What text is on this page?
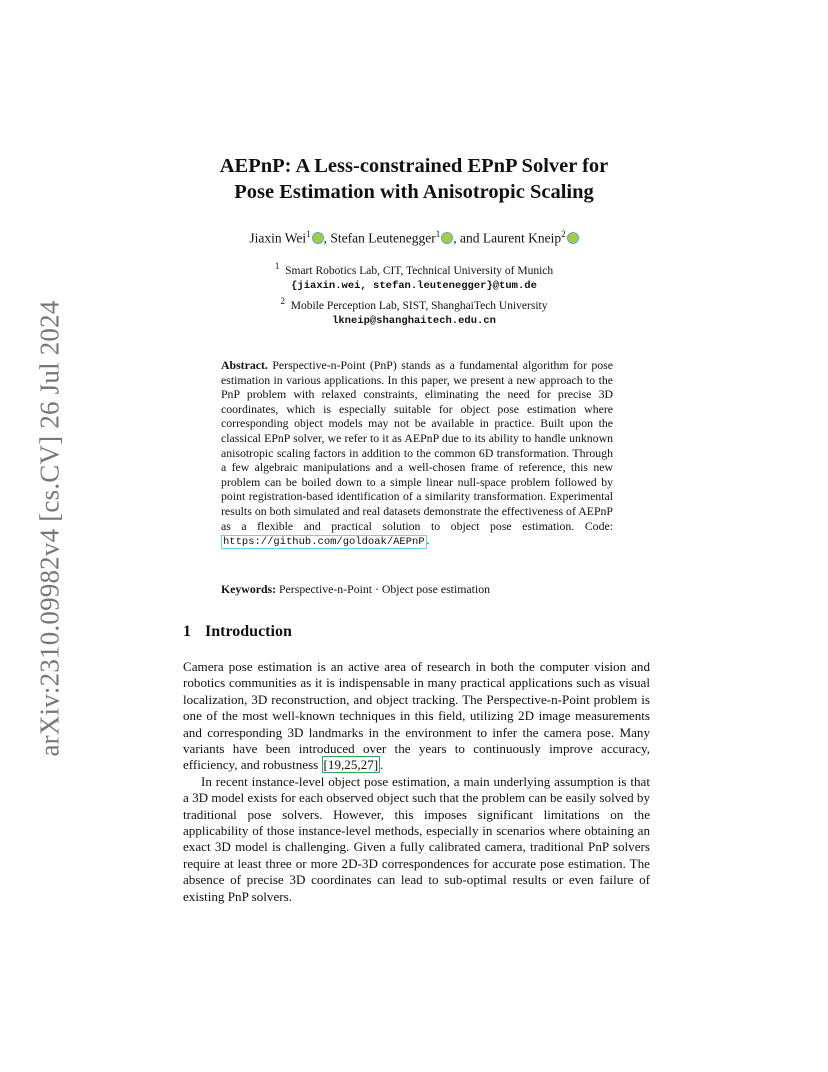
arXiv:2310.09982v4 [cs.CV] 26 Jul 2024
AEPnP: A Less-constrained EPnP Solver for
Pose Estimation with Anisotropic Scaling
Jiaxin Wei$^1$ , Stefan Leutenegger$^1$ , and Laurent Kneip$^2$
$^1$ Smart Robotics Lab, CIT, Technical University of Munich
{jiaxin.wei, stefan.leutenegger}@tum.de
$^2$ Mobile Perception Lab, SIST, ShanghaiTech University
lkneip@shanghaitech.edu.cn
Abstract. Perspective-n-Point (PnP) stands as a fundamental algorithm for pose estimation in various applications. In this paper, we present a new approach to the PnP problem with relaxed constraints, eliminating the need for precise 3D coordinates, which is especially suitable for object pose estimation where corresponding object models may not be available in practice. Built upon the classical EPnP solver, we refer to it as AEPnP due to its ability to handle unknown anisotropic scaling factors in addition to the common 6D transformation. Through a few algebraic manipulations and a well-chosen frame of reference, this new problem can be boiled down to a simple linear null-space problem followed by point registration-based identification of a similarity transformation. Experimental results on both simulated and real datasets demonstrate the effectiveness of AEPnP as a flexible and practical solution to object pose estimation. Code: https://github.com/goldoak/AEPnP .
Keywords: Perspective-n-Point · Object pose estimation
1 Introduction

Camera pose estimation is an active area of research in both the computer vision and robotics communities as it is indispensable in many practical applications such as visual localization, 3D reconstruction, and object tracking. The Perspective-n-Point problem is one of the most well-known techniques in this field, utilizing 2D image measurements and corresponding 3D landmarks in the environment to infer the camera pose. Many variants have been introduced over the years to continuously improve accuracy, efficiency, and robustness [19,25,27] .

In recent instance-level object pose estimation, a main underlying assumption is that a 3D model exists for each observed object such that the problem can be easily solved by traditional pose solvers. However, this imposes significant limitations on the applicability of those instance-level methods, especially in scenarios where obtaining an exact 3D model is challenging. Given a fully calibrated camera, traditional PnP solvers require at least three or more 2D-3D correspondences for accurate pose estimation. The absence of precise 3D coordinates can lead to sub-optimal results or even failure of existing PnP solvers.
